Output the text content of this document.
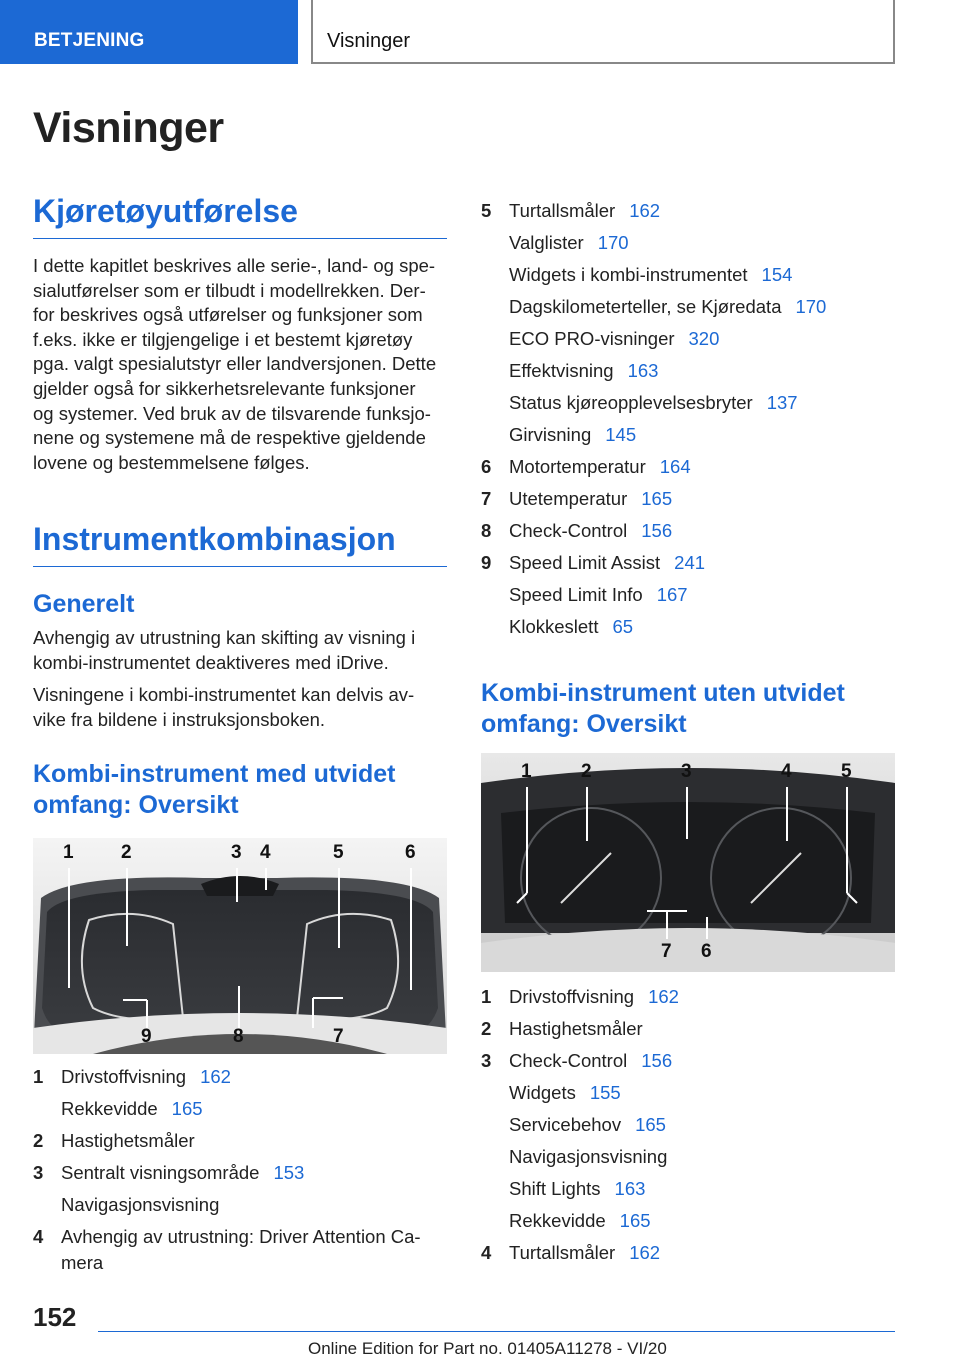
BETJENING	Visninger
Visninger
Kjøretøyutførelse
I dette kapitlet beskrives alle serie-, land- og spe-
sialutførelser som er tilbudt i modellrekken. Der-
for beskrives også utførelser og funksjoner som
f.eks. ikke er tilgjengelige i et bestemt kjøretøy
pga. valgt spesialutstyr eller landversjonen. Dette
gjelder også for sikkerhetsrelevante funksjoner
og systemer. Ved bruk av de tilsvarende funksjo-
nene og systemene må de respektive gjeldende
lovene og bestemmelsene følges.
Instrumentkombinasjon
Generelt
Avhengig av utrustning kan skifting av visning i
kombi-instrumentet deaktiveres med iDrive.
Visningene i kombi-instrumentet kan delvis av-
vike fra bildene i instruksjonsboken.
Kombi-instrument med utvidet
omfang: Oversikt
1 2	3 4	5	6
9	8	7
1 Drivstoffvisning 162
Rekkevidde 165
2 Hastighetsmåler
3 Sentralt visningsområde 153
Navigasjonsvisning
4 Avhengig av utrustning: Driver Attention Ca-
mera
5 Turtallsmåler 162
Valglister 170
Widgets i kombi-instrumentet 154
Dagskilometerteller, se Kjøredata 170
ECO PRO-visninger 320
Effektvisning 163
Status kjøreopplevelsesbryter 137
Girvisning 145
6 Motortemperatur 164
7 Utetemperatur 165
8 Check-Control 156
9 Speed Limit Assist 241
Speed Limit Info 167
Klokkeslett 65
Kombi-instrument uten utvidet
omfang: Oversikt
1	2	3	4	5
7 6
1 Drivstoffvisning 162
2 Hastighetsmåler
3 Check-Control 156
Widgets 155
Servicebehov 165
Navigasjonsvisning
Shift Lights 163
Rekkevidde 165
4 Turtallsmåler 162
152
Online Edition for Part no. 01405A11278 - VI/20
